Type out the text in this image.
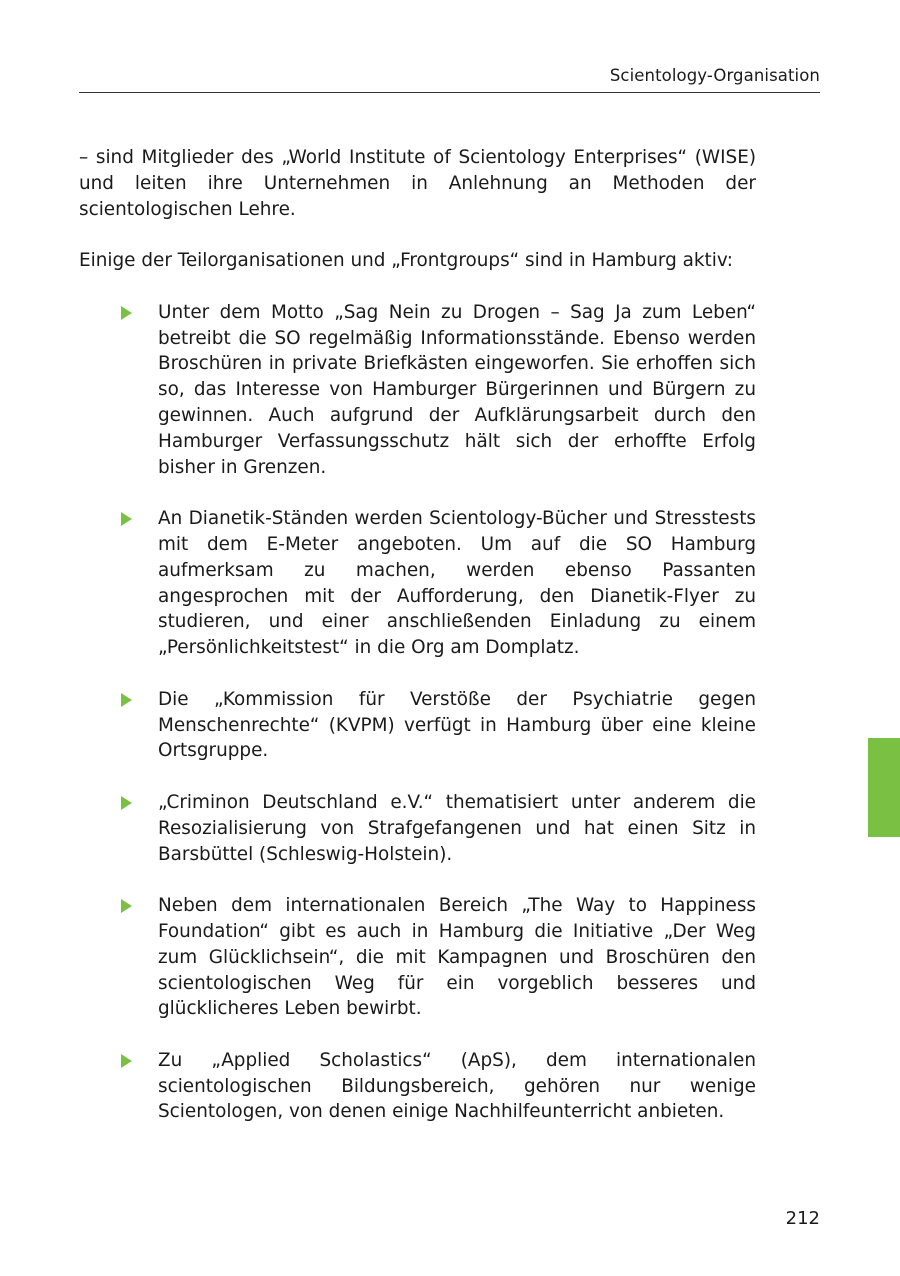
Scientology-Organisation

– sind Mitglieder des „World Institute of Scientology Enterprises“ (WISE) und leiten ihre Unternehmen in Anlehnung an Methoden der scientologischen Lehre.

Einige der Teilorganisationen und „Frontgroups“ sind in Hamburg aktiv:

Unter dem Motto „Sag Nein zu Drogen – Sag Ja zum Leben“ betreibt die SO regelmäßig Informationsstände. Ebenso werden Broschüren in private Briefkästen eingeworfen. Sie erhoffen sich so, das Interesse von Hamburger Bürgerinnen und Bürgern zu gewinnen. Auch aufgrund der Aufklärungsarbeit durch den Hamburger Verfassungsschutz hält sich der erhoffte Erfolg bisher in Grenzen.
An Dianetik-Ständen werden Scientology-Bücher und Stresstests mit dem E-Meter angeboten. Um auf die SO Hamburg aufmerksam zu machen, werden ebenso Passanten angesprochen mit der Aufforderung, den Dianetik-Flyer zu studieren, und einer anschließenden Einladung zu einem „Persönlichkeitstest“ in die Org am Domplatz.
Die „Kommission für Verstöße der Psychiatrie gegen Menschenrechte“ (KVPM) verfügt in Hamburg über eine kleine Ortsgruppe.
„Criminon Deutschland e.V.“ thematisiert unter anderem die Resozialisierung von Strafgefangenen und hat einen Sitz in Barsbüttel (Schleswig-Holstein).
Neben dem internationalen Bereich „The Way to Happiness Foundation“ gibt es auch in Hamburg die Initiative „Der Weg zum Glücklichsein“, die mit Kampagnen und Broschüren den scientologischen Weg für ein vorgeblich besseres und glücklicheres Leben bewirbt.
Zu „Applied Scholastics“ (ApS), dem internationalen scientologischen Bildungsbereich, gehören nur wenige Scientologen, von denen einige Nachhilfeunterricht anbieten.
212
